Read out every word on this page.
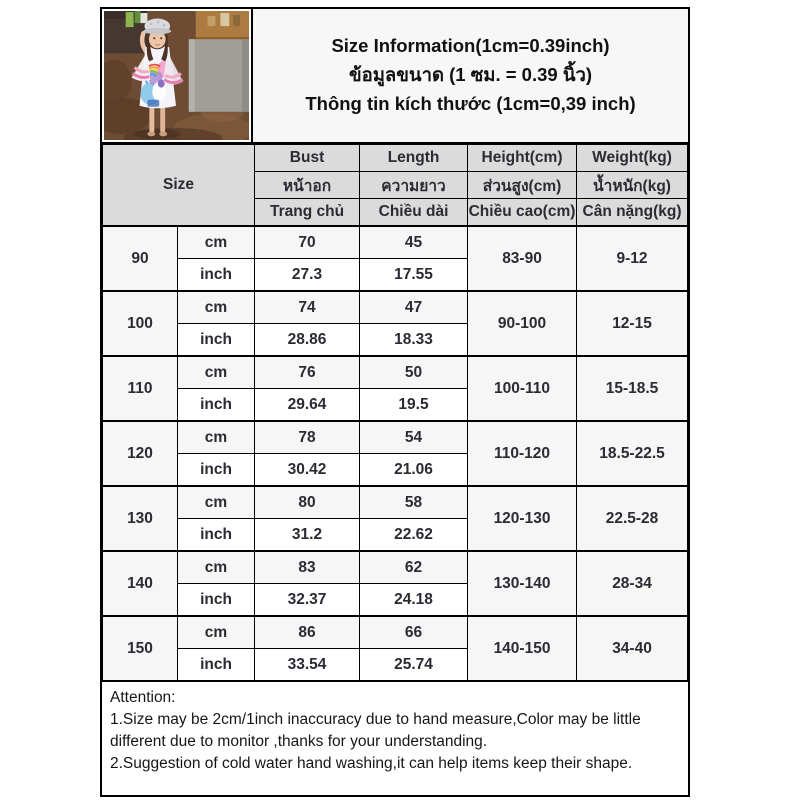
Size Information(1cm=0.39inch)
ข้อมูลขนาด (1 ซม. = 0.39 นิ้ว)
Thông tin kích thước (1cm=0,39 inch)
Size		Bust	Length	Height(cm)	Weight(kg)
		หน้าอก	ความยาว	ส่วนสูง(cm)	น้ำหนัก(kg)
		Trang chủ	Chiều dài	Chiều cao(cm)	Cân nặng(kg)
90	cm	70	45	83-90	9-12
	inch	27.3	17.55		
100	cm	74	47	90-100	12-15
	inch	28.86	18.33		
110	cm	76	50	100-110	15-18.5
	inch	29.64	19.5		
120	cm	78	54	110-120	18.5-22.5
	inch	30.42	21.06		
130	cm	80	58	120-130	22.5-28
	inch	31.2	22.62		
140	cm	83	62	130-140	28-34
	inch	32.37	24.18		
150	cm	86	66	140-150	34-40
	inch	33.54	25.74		
Attention:
1.Size may be 2cm/1inch inaccuracy due to hand measure,Color may be little different due to monitor ,thanks for your understanding.
2.Suggestion of cold water hand washing,it can help items keep their shape.
